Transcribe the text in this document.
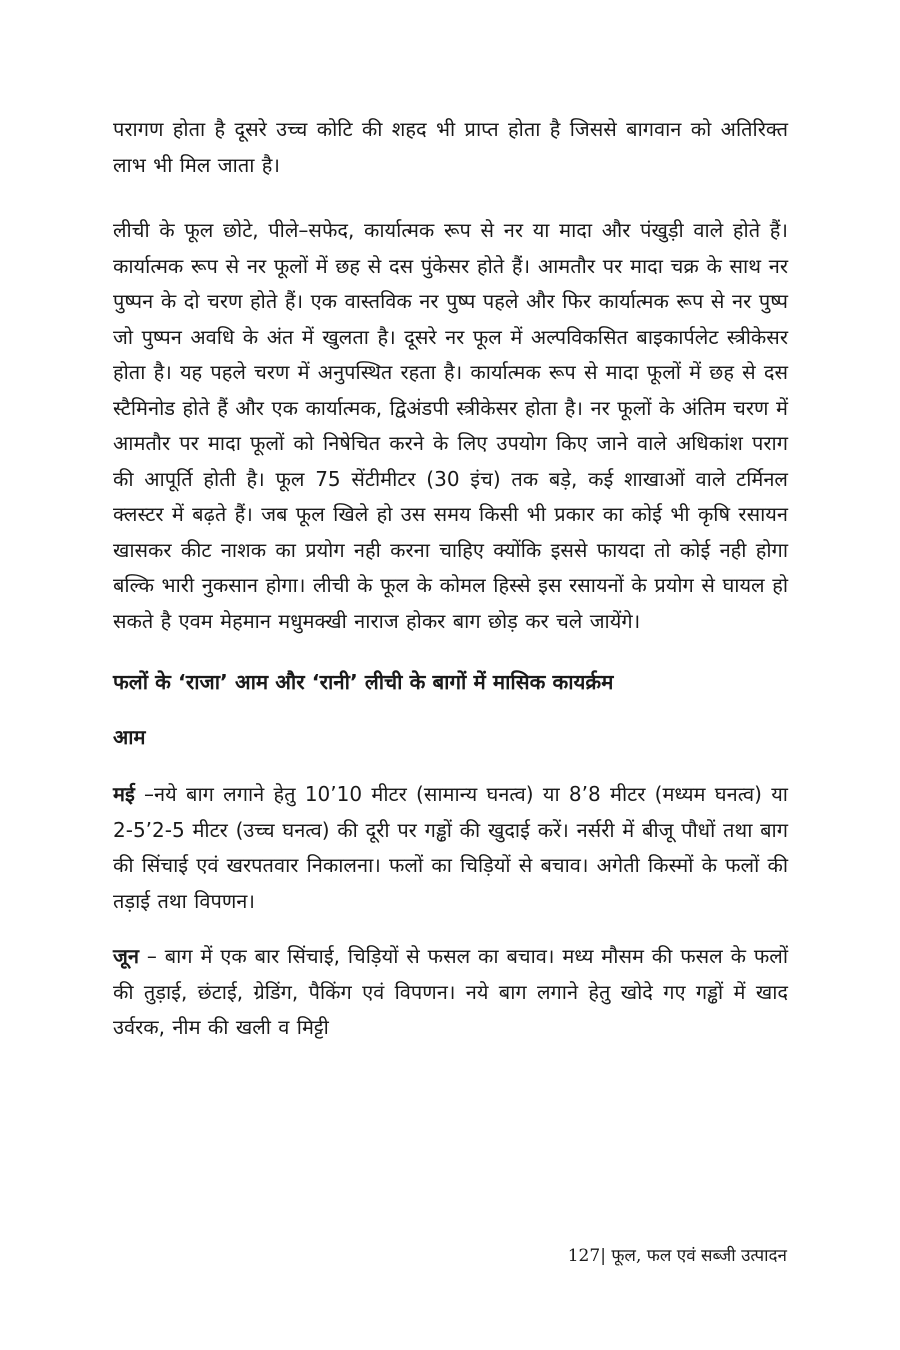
परागण होता है दूसरे उच्च कोटि की शहद भी प्राप्त होता है जिससे बागवान को अतिरिक्त लाभ भी मिल जाता है।

लीची के फूल छोटे, पीले–सफेद, कार्यात्मक रूप से नर या मादा और पंखुड़ी वाले होते हैं। कार्यात्मक रूप से नर फूलों में छह से दस पुंकेसर होते हैं। आमतौर पर मादा चक्र के साथ नर पुष्पन के दो चरण होते हैं। एक वास्तविक नर पुष्प पहले और फिर कार्यात्मक रूप से नर पुष्प जो पुष्पन अवधि के अंत में खुलता है। दूसरे नर फूल में अल्पविकसित बाइकार्पलेट स्त्रीकेसर होता है। यह पहले चरण में अनुपस्थित रहता है। कार्यात्मक रूप से मादा फूलों में छह से दस स्टैमिनोड होते हैं और एक कार्यात्मक, द्विअंडपी स्त्रीकेसर होता है। नर फूलों के अंतिम चरण में आमतौर पर मादा फूलों को निषेचित करने के लिए उपयोग किए जाने वाले अधिकांश पराग की आपूर्ति होती है। फूल 75 सेंटीमीटर (30 इंच) तक बड़े, कई शाखाओं वाले टर्मिनल क्लस्टर में बढ़ते हैं। जब फूल खिले हो उस समय किसी भी प्रकार का कोई भी कृषि रसायन खासकर कीट नाशक का प्रयोग नही करना चाहिए क्योंकि इससे फायदा तो कोई नही होगा बल्कि भारी नुकसान होगा। लीची के फूल के कोमल हिस्से इस रसायनों के प्रयोग से घायल हो सकते है एवम मेहमान मधुमक्खी नाराज होकर बाग छोड़ कर चले जायेंगे।

फलों के ‘राजा’ आम और ‘रानी’ लीची के बागों में मासिक कायर्क्रम
आम

मई –नये बाग लगाने हेतु 10’10 मीटर (सामान्य घनत्व) या 8’8 मीटर (मध्यम घनत्व) या 2-5’2-5 मीटर (उच्च घनत्व) की दूरी पर गड्ढों की खुदाई करें। नर्सरी में बीजू पौधों तथा बाग की सिंचाई एवं खरपतवार निकालना। फलों का चिड़ियों से बचाव। अगेती किस्मों के फलों की तड़ाई तथा विपणन।

जून – बाग में एक बार सिंचाई, चिड़ियों से फसल का बचाव। मध्य मौसम की फसल के फलों की तुड़ाई, छंटाई, ग्रेडिंग, पैकिंग एवं विपणन। नये बाग लगाने हेतु खोदे गए गड्ढों में खाद उर्वरक, नीम की खली व मिट्टी

127| फूल, फल एवं सब्जी उत्पादन
